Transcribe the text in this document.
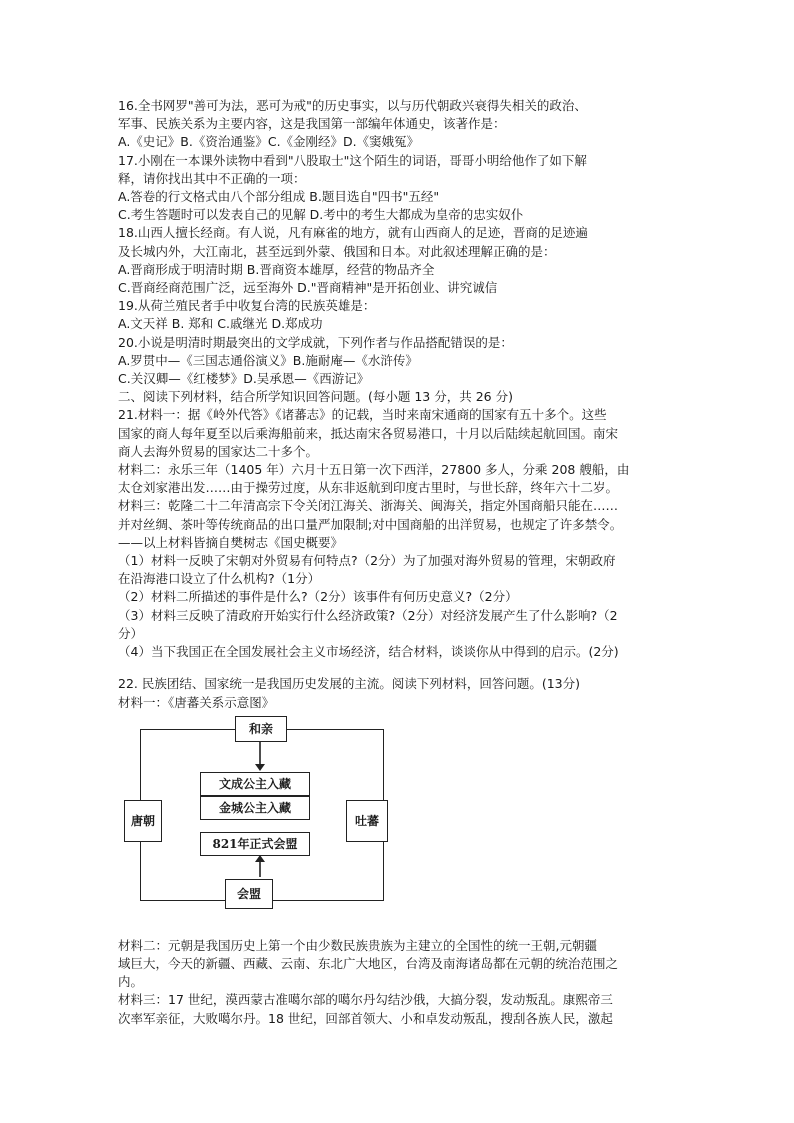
16.全书网罗"善可为法，恶可为戒"的历史事实，以与历代朝政兴衰得失相关的政治、
军事、民族关系为主要内容，这是我国第一部编年体通史，该著作是：
A.《史记》B.《资治通鉴》C.《金刚经》D.《窦娥冤》
17.小刚在一本课外读物中看到"八股取士"这个陌生的词语，哥哥小明给他作了如下解
释，请你找出其中不正确的一项：
A.答卷的行文格式由八个部分组成 B.题目选自"四书"五经"
C.考生答题时可以发表自己的见解 D.考中的考生大都成为皇帝的忠实奴仆
18.山西人擅长经商。有人说，凡有麻雀的地方，就有山西商人的足迹，晋商的足迹遍
及长城内外，大江南北，甚至远到外蒙、俄国和日本。对此叙述理解正确的是：
A.晋商形成于明清时期 B.晋商资本雄厚，经营的物品齐全
C.晋商经商范围广泛，远至海外 D."晋商精神"是开拓创业、讲究诚信
19.从荷兰殖民者手中收复台湾的民族英雄是：
A.文天祥 B. 郑和 C.戚继光 D.郑成功
20.小说是明清时期最突出的文学成就，下列作者与作品搭配错误的是：
A.罗贯中—《三国志通俗演义》B.施耐庵—《水浒传》
C.关汉卿—《红楼梦》D.吴承恩—《西游记》
二、阅读下列材料，结合所学知识回答问题。(每小题 13 分，共 26 分)
21.材料一：据《岭外代答》《诸蕃志》的记载，当时来南宋通商的国家有五十多个。这些
国家的商人每年夏至以后乘海船前来，抵达南宋各贸易港口，十月以后陆续起航回国。南宋
商人去海外贸易的国家达二十多个。
材料二：永乐三年（1405 年）六月十五日第一次下西洋，27800 多人，分乘 208 艘船，由
太仓刘家港出发……由于操劳过度，从东非返航到印度古里时，与世长辞，终年六十二岁。
材料三：乾隆二十二年清高宗下令关闭江海关、浙海关、闽海关，指定外国商船只能在……
并对丝绸、茶叶等传统商品的出口量严加限制;对中国商船的出洋贸易，也规定了许多禁令。
——以上材料皆摘自樊树志《国史概要》
（1）材料一反映了宋朝对外贸易有何特点?（2分）为了加强对海外贸易的管理，宋朝政府
在沿海港口设立了什么机构?（1分）
（2）材料二所描述的事件是什么?（2分）该事件有何历史意义?（2分）
（3）材料三反映了清政府开始实行什么经济政策?（2分）对经济发展产生了什么影响?（2
分）
（4）当下我国正在全国发展社会主义市场经济，结合材料，谈谈你从中得到的启示。(2分)
22. 民族团结、国家统一是我国历史发展的主流。阅读下列材料，回答问题。(13分)
材料一：《唐蕃关系示意图》
和亲
唐朝	吐蕃
会盟
文成公主入藏
金城公主入藏
821年正式会盟
材料二：元朝是我国历史上第一个由少数民族贵族为主建立的全国性的统一王朝,元朝疆
域巨大，今天的新疆、西藏、云南、东北广大地区，台湾及南海诸岛都在元朝的统治范围之
内。
材料三：17 世纪，漠西蒙古准噶尔部的噶尔丹勾结沙俄，大搞分裂，发动叛乱。康熙帝三
次率军亲征，大败噶尔丹。18 世纪，回部首领大、小和卓发动叛乱，搜刮各族人民，激起
